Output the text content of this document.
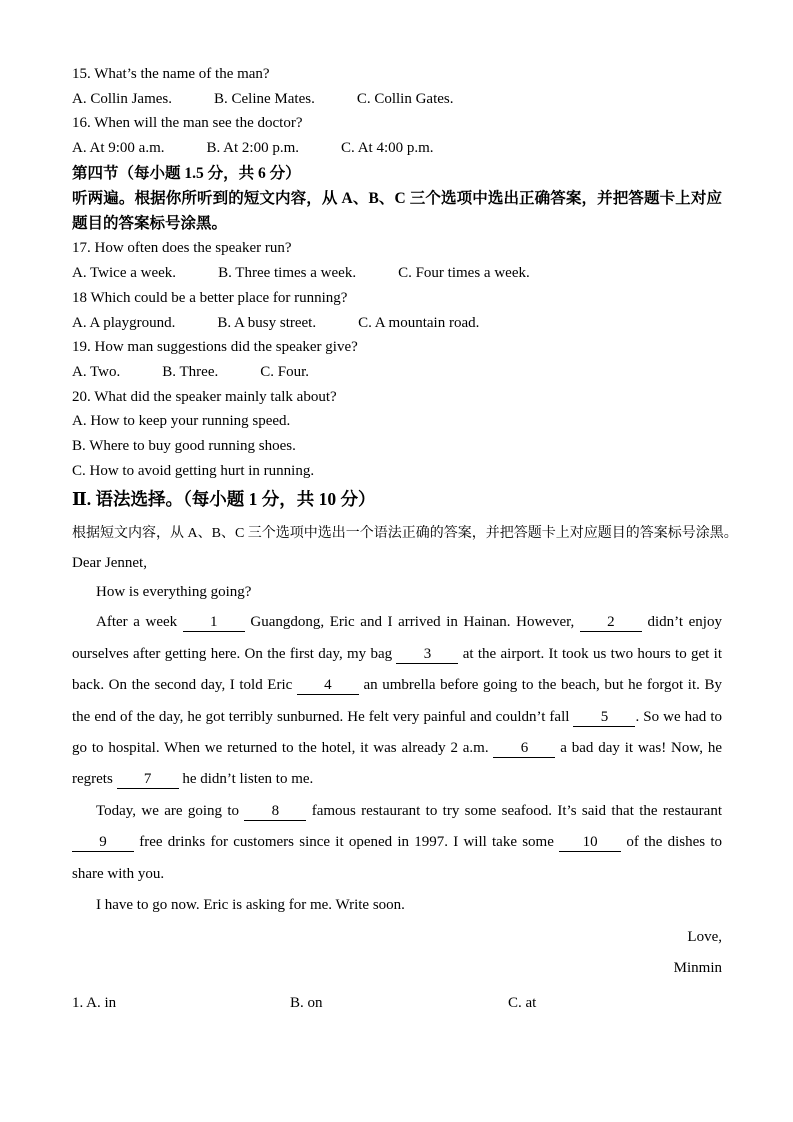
15. What’s the name of the man?

A. Collin James.	B. Celine Mates.	C. Collin Gates.

16. When will the man see the doctor?

A. At 9:00 a.m.	B. At 2:00 p.m.	C. At 4:00 p.m.

第四节（每小题 1.5 分，共 6 分）

听两遍。根据你所听到的短文内容，从 A、B、C 三个选项中选出正确答案，并把答题卡上对应题目的答案标号涂黑。

17. How often does the speaker run?

A. Twice a week.	B. Three times a week.	C. Four times a week.

18 Which could be a better place for running?

A. A playground.	B. A busy street.	C. A mountain road.

19. How man suggestions did the speaker give?

A. Two.	B. Three.	C. Four.

20. What did the speaker mainly talk about?

A. How to keep your running speed.

B. Where to buy good running shoes.

C. How to avoid getting hurt in running.

Ⅱ. 语法选择。（每小题 1 分，共 10 分）

根据短文内容，从 A、B、C 三个选项中选出一个语法正确的答案，并把答题卡上对应题目的答案标号涂黑。

Dear Jennet,

How is everything going?

After a week 1 Guangdong, Eric and I arrived in Hainan. However, 2 didn’t enjoy ourselves after getting here. On the first day, my bag 3 at the airport. It took us two hours to get it back. On the second day, I told Eric 4 an umbrella before going to the beach, but he forgot it. By the end of the day, he got terribly sunburned. He felt very painful and couldn’t fall 5 . So we had to go to hospital. When we returned to the hotel, it was already 2 a.m. 6 a bad day it was! Now, he regrets 7 he didn’t listen to me.

Today, we are going to 8 famous restaurant to try some seafood. It’s said that the restaurant 9 free drinks for customers since it opened in 1997. I will take some 10 of the dishes to share with you.

I have to go now. Eric is asking for me. Write soon.

Love,

Minmin

1. A. in	B. on	C. at
